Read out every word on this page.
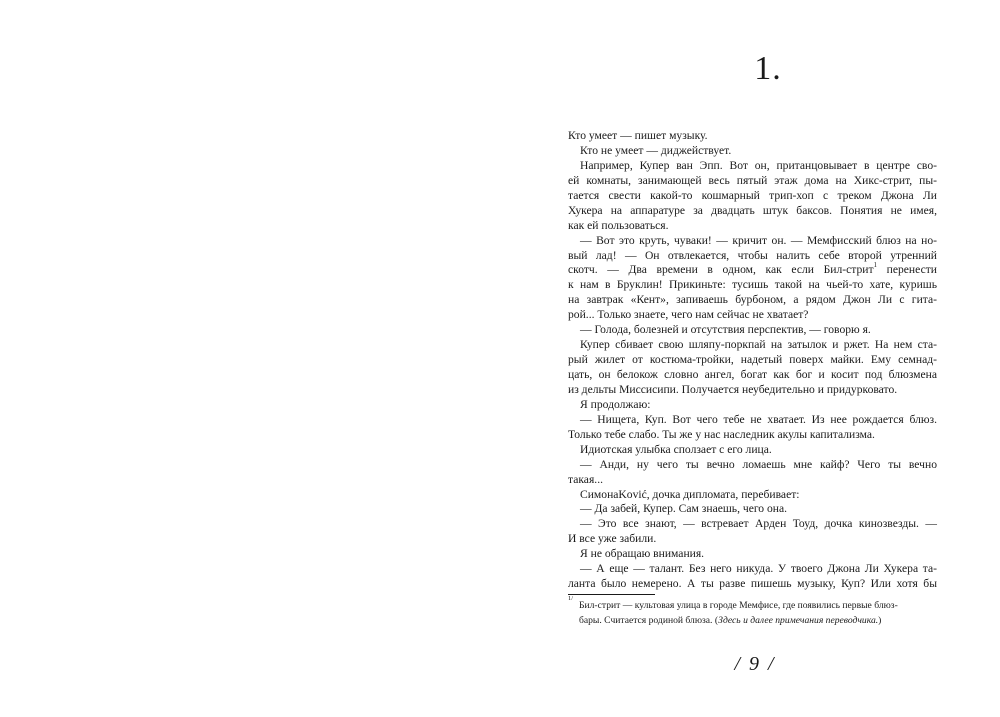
1.
Кто умеет — пишет музыку.
Кто не умеет — диджействует.
Например, Купер ван Эпп. Вот он, пританцовывает в центре сво-
ей комнаты, занимающей весь пятый этаж дома на Хикс-стрит, пы-
тается свести какой-то кошмарный трип-хоп с треком Джона Ли
Хукера на аппаратуре за двадцать штук баксов. Понятия не имея,
как ей пользоваться.
— Вот это круть, чуваки! — кричит он. — Мемфисский блюз на но-
вый лад! — Он отвлекается, чтобы налить себе второй утренний
скотч. — Два времени в одном, как если Бил-стрит$^1$ перенести
к нам в Бруклин! Прикиньте: тусишь такой на чьей-то хате, куришь
на завтрак «Кент», запиваешь бурбоном, а рядом Джон Ли с гита-
рой... Только знаете, чего нам сейчас не хватает?
— Голода, болезней и отсутствия перспектив, — говорю я.
Купер сбивает свою шляпу-поркпай на затылок и ржет. На нем ста-
рый жилет от костюма-тройки, надетый поверх майки. Ему семнад-
цать, он белокож словно ангел, богат как бог и косит под блюзмена
из дельты Миссисипи. Получается неубедительно и придурковато.
Я продолжаю:
— Нищета, Куп. Вот чего тебе не хватает. Из нее рождается блюз.
Только тебе слабо. Ты же у нас наследник акулы капитализма.
Идиотская улыбка сползает с его лица.
— Анди, ну чего ты вечно ломаешь мне кайф? Чего ты вечно
такая...
СимонаKović, дочка дипломата, перебивает:
— Да забей, Купер. Сам знаешь, чего она.
— Это все знают, — встревает Арден Тоуд, дочка кинозвезды. —
И все уже забили.
Я не обращаю внимания.
— А еще — талант. Без него никуда. У твоего Джона Ли Хукера та-
ланта было немерено. А ты разве пишешь музыку, Куп? Или хотя бы
1/
Бил-стрит — культовая улица в городе Мемфисе, где появились первые блюз-
бары. Считается родиной блюза. (Здесь и далее примечания переводчика.)
/ 9 /
